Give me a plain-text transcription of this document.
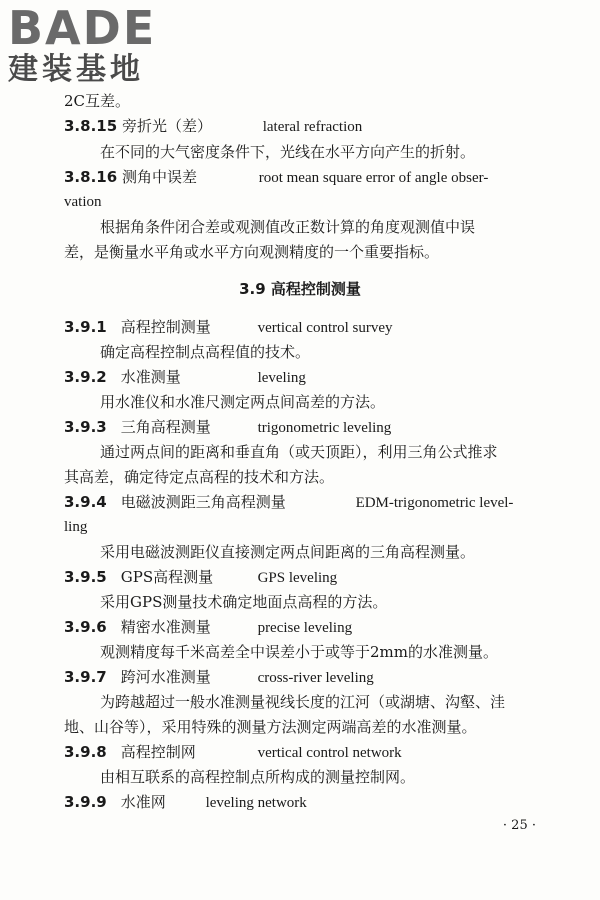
BADE
建装基地
2C互差。
3.8.15 旁折光（差）	lateral refraction
在不同的大气密度条件下，光线在水平方向产生的折射。
3.8.16 测角中误差	root mean square error of angle obser-
vation
根据角条件闭合差或观测值改正数计算的角度观测值中误
差，是衡量水平角或水平方向观测精度的一个重要指标。
3.9 高程控制测量
3.9.1 高程控制测量	vertical control survey
确定高程控制点高程值的技术。
3.9.2 水准测量	leveling
用水准仪和水准尺测定两点间高差的方法。
3.9.3 三角高程测量	trigonometric leveling
通过两点间的距离和垂直角（或天顶距），利用三角公式推求
其高差，确定待定点高程的技术和方法。
3.9.4 电磁波测距三角高程测量	EDM-trigonometric level-
ling
采用电磁波测距仪直接测定两点间距离的三角高程测量。
3.9.5 GPS高程测量	GPS leveling
采用GPS测量技术确定地面点高程的方法。
3.9.6 精密水准测量	precise leveling
观测精度每千米高差全中误差小于或等于2mm的水准测量。
3.9.7 跨河水准测量	cross-river leveling
为跨越超过一般水准测量视线长度的江河（或湖塘、沟壑、洼
地、山谷等），采用特殊的测量方法测定两端高差的水准测量。
3.9.8 高程控制网	vertical control network
由相互联系的高程控制点所构成的测量控制网。
3.9.9 水准网	leveling network
· 25 ·
